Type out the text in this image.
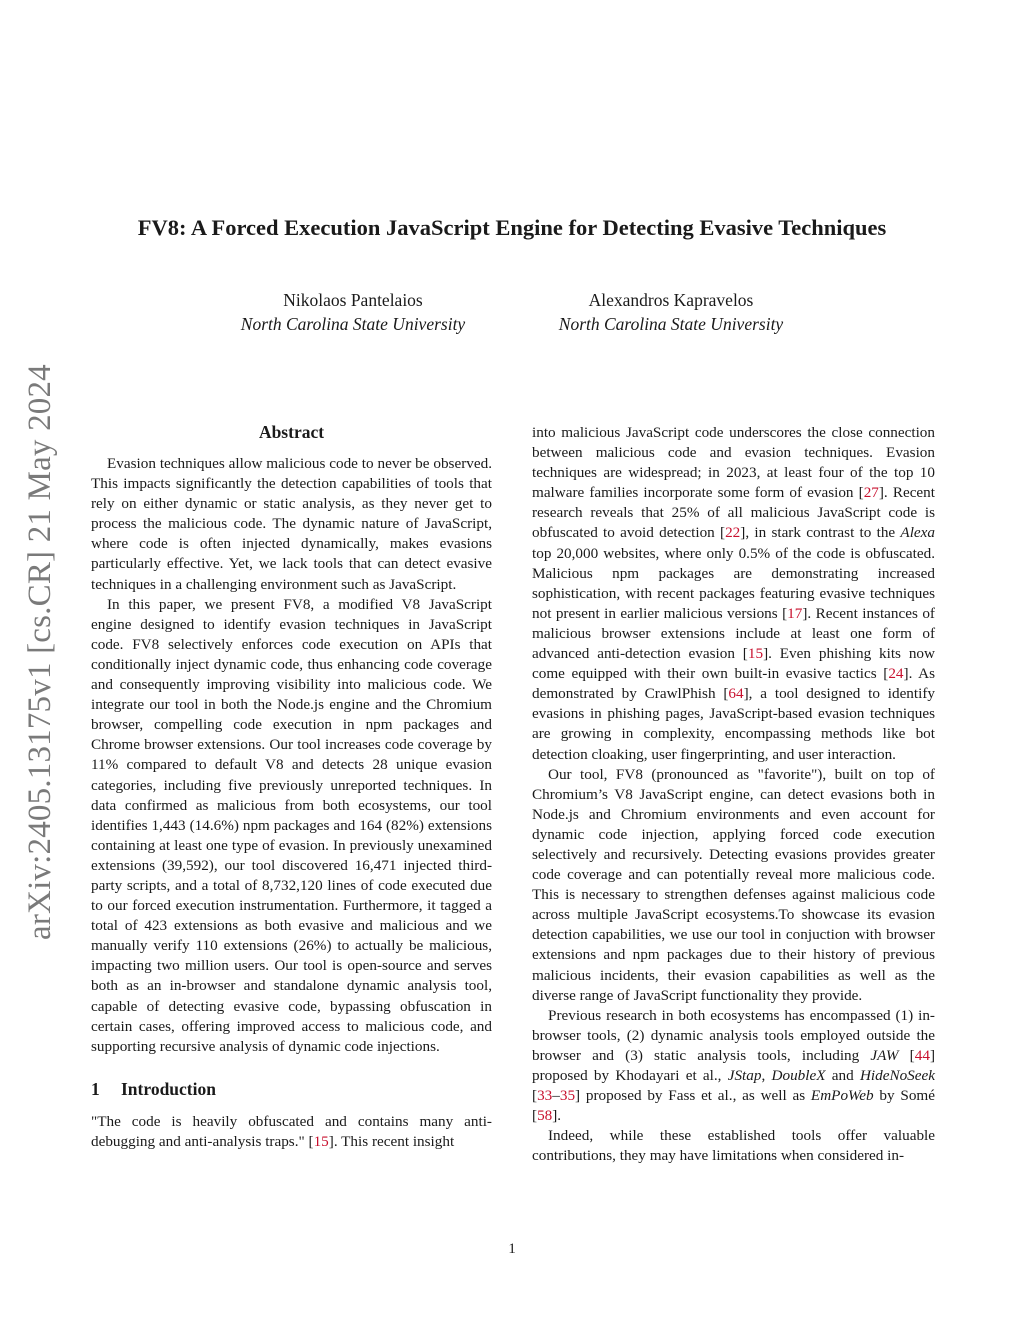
arXiv:2405.13175v1 [cs.CR] 21 May 2024
FV8: A Forced Execution JavaScript Engine for Detecting Evasive Techniques
Nikolaos Pantelaios
North Carolina State University
Alexandros Kapravelos
North Carolina State University
Abstract

Evasion techniques allow malicious code to never be observed. This impacts significantly the detection capabilities of tools that rely on either dynamic or static analysis, as they never get to process the malicious code. The dynamic nature of JavaScript, where code is often injected dynamically, makes evasions particularly effective. Yet, we lack tools that can detect evasive techniques in a challenging environment such as JavaScript.

In this paper, we present FV8, a modified V8 JavaScript engine designed to identify evasion techniques in JavaScript code. FV8 selectively enforces code execution on APIs that conditionally inject dynamic code, thus enhancing code coverage and consequently improving visibility into malicious code. We integrate our tool in both the Node.js engine and the Chromium browser, compelling code execution in npm packages and Chrome browser extensions. Our tool increases code coverage by 11% compared to default V8 and detects 28 unique evasion categories, including five previously unreported techniques. In data confirmed as malicious from both ecosystems, our tool identifies 1,443 (14.6%) npm packages and 164 (82%) extensions containing at least one type of evasion. In previously unexamined extensions (39,592), our tool discovered 16,471 injected third-party scripts, and a total of 8,732,120 lines of code executed due to our forced execution instrumentation. Furthermore, it tagged a total of 423 extensions as both evasive and malicious and we manually verify 110 extensions (26%) to actually be malicious, impacting two million users. Our tool is open-source and serves both as an in-browser and standalone dynamic analysis tool, capable of detecting evasive code, bypassing obfuscation in certain cases, offering improved access to malicious code, and supporting recursive analysis of dynamic code injections.

1 Introduction

"The code is heavily obfuscated and contains many anti-debugging and anti-analysis traps." [15]. This recent insight

into malicious JavaScript code underscores the close connection between malicious code and evasion techniques. Evasion techniques are widespread; in 2023, at least four of the top 10 malware families incorporate some form of evasion [27]. Recent research reveals that 25% of all malicious JavaScript code is obfuscated to avoid detection [22], in stark contrast to the Alexa top 20,000 websites, where only 0.5% of the code is obfuscated. Malicious npm packages are demonstrating increased sophistication, with recent packages featuring evasive techniques not present in earlier malicious versions [17]. Recent instances of malicious browser extensions include at least one form of advanced anti-detection evasion [15]. Even phishing kits now come equipped with their own built-in evasive tactics [24]. As demonstrated by CrawlPhish [64], a tool designed to identify evasions in phishing pages, JavaScript-based evasion techniques are growing in complexity, encompassing methods like bot detection cloaking, user fingerprinting, and user interaction.

Our tool, FV8 (pronounced as "favorite"), built on top of Chromium’s V8 JavaScript engine, can detect evasions both in Node.js and Chromium environments and even account for dynamic code injection, applying forced code execution selectively and recursively. Detecting evasions provides greater code coverage and can potentially reveal more malicious code. This is necessary to strengthen defenses against malicious code across multiple JavaScript ecosystems.To showcase its evasion detection capabilities, we use our tool in conjuction with browser extensions and npm packages due to their history of previous malicious incidents, their evasion capabilities as well as the diverse range of JavaScript functionality they provide.

Previous research in both ecosystems has encompassed (1) in-browser tools, (2) dynamic analysis tools employed outside the browser and (3) static analysis tools, including JAW [44] proposed by Khodayari et al., JStap, DoubleX and HideNoSeek [33–35] proposed by Fass et al., as well as EmPoWeb by Somé [58].

Indeed, while these established tools offer valuable contributions, they may have limitations when considered in-

1
